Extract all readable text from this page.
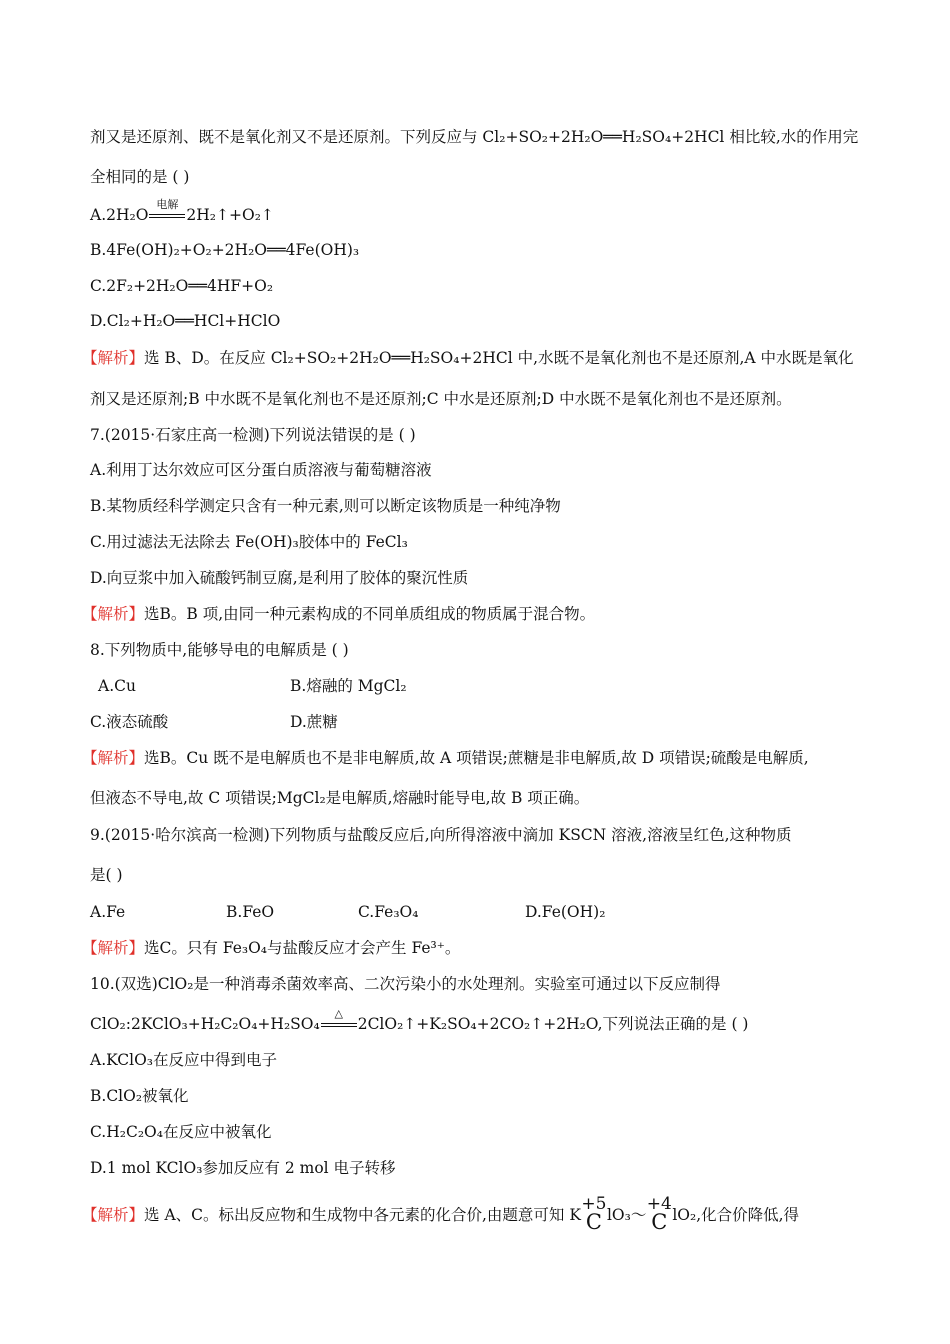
剂又是还原剂、既不是氧化剂又不是还原剂。下列反应与 Cl₂+SO₂+2H₂O══H₂SO₄+2HCl 相比较,水的作用完
全相同的是 ( )
A.2H₂O
电解
2H₂↑+O₂↑
B.4Fe(OH)₂+O₂+2H₂O══4Fe(OH)₃
C.2F₂+2H₂O══4HF+O₂
D.Cl₂+H₂O══HCl+HClO
【解析】选 B、D。在反应 Cl₂+SO₂+2H₂O══H₂SO₄+2HCl 中,水既不是氧化剂也不是还原剂,A 中水既是氧化
剂又是还原剂;B 中水既不是氧化剂也不是还原剂;C 中水是还原剂;D 中水既不是氧化剂也不是还原剂。
7.(2015·石家庄高一检测)下列说法错误的是 ( )
A.利用丁达尔效应可区分蛋白质溶液与葡萄糖溶液
B.某物质经科学测定只含有一种元素,则可以断定该物质是一种纯净物
C.用过滤法无法除去 Fe(OH)₃胶体中的 FeCl₃
D.向豆浆中加入硫酸钙制豆腐,是利用了胶体的聚沉性质
【解析】选B。B 项,由同一种元素构成的不同单质组成的物质属于混合物。
8.下列物质中,能够导电的电解质是 ( )
A.Cu	B.熔融的 MgCl₂
C.液态硫酸	D.蔗糖
【解析】选B。Cu 既不是电解质也不是非电解质,故 A 项错误;蔗糖是非电解质,故 D 项错误;硫酸是电解质,
但液态不导电,故 C 项错误;MgCl₂是电解质,熔融时能导电,故 B 项正确。
9.(2015·哈尔滨高一检测)下列物质与盐酸反应后,向所得溶液中滴加 KSCN 溶液,溶液呈红色,这种物质
是( )
A.Fe	B.FeO	C.Fe₃O₄	D.Fe(OH)₂
【解析】选C。只有 Fe₃O₄与盐酸反应才会产生 Fe³⁺。
10.(双选)ClO₂是一种消毒杀菌效率高、二次污染小的水处理剂。实验室可通过以下反应制得
ClO₂:2KClO₃+H₂C₂O₄+H₂SO₄
△
2ClO₂↑+K₂SO₄+2CO₂↑+2H₂O,下列说法正确的是 ( )
A.KClO₃在反应中得到电子
B.ClO₂被氧化
C.H₂C₂O₄在反应中被氧化
D.1 mol KClO₃参加反应有 2 mol 电子转移
【解析】选 A、C。标出反应物和生成物中各元素的化合价,由题意可知 K
+5
C lO₃～
+4
C lO₂,化合价降低,得
